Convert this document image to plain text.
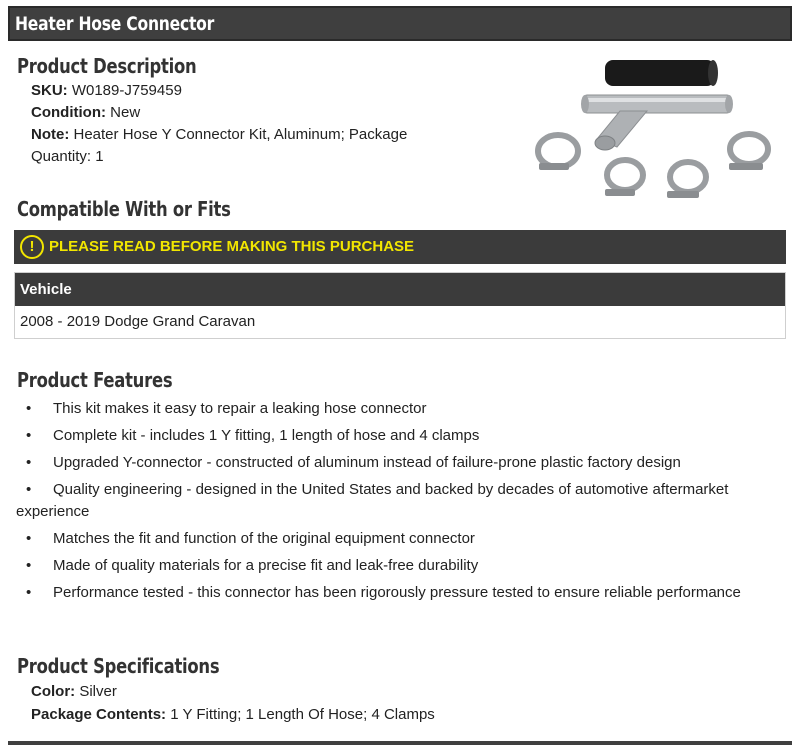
Heater Hose Connector
Product Description
SKU: W0189-J759459
Condition: New
Note: Heater Hose Y Connector Kit, Aluminum; Package
Quantity: 1
Compatible With or Fits
! PLEASE READ BEFORE MAKING THIS PURCHASE
Vehicle
2008 - 2019 Dodge Grand Caravan
Product Features
• This kit makes it easy to repair a leaking hose connector
• Complete kit - includes 1 Y fitting, 1 length of hose and 4 clamps
• Upgraded Y-connector - constructed of aluminum instead of failure-prone plastic factory design
• Quality engineering - designed in the United States and backed by decades of automotive aftermarket experience
• Matches the fit and function of the original equipment connector
• Made of quality materials for a precise fit and leak-free durability
• Performance tested - this connector has been rigorously pressure tested to ensure reliable performance
Product Specifications
Color: Silver
Package Contents: 1 Y Fitting; 1 Length Of Hose; 4 Clamps
